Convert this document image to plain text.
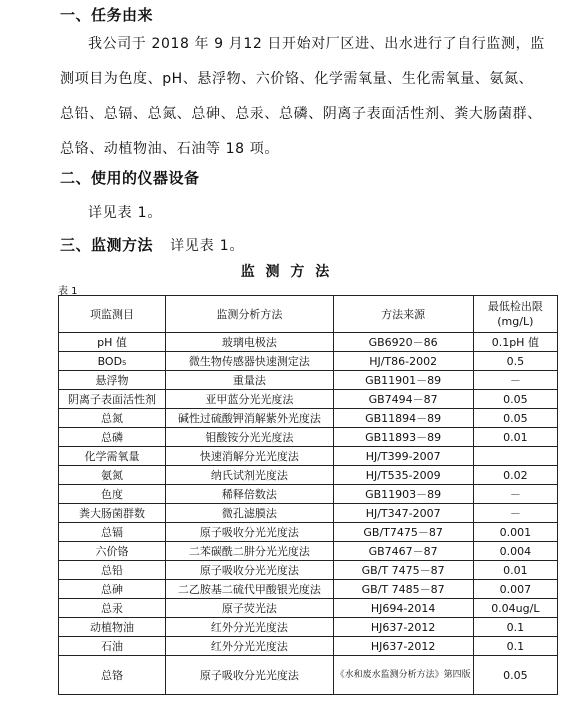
一、任务由来
我公司于 2018 年 9 月12 日开始对厂区进、出水进行了自行监测，监
测项目为色度、pH、悬浮物、六价铬、化学需氧量、生化需氧量、氨氮、
总铅、总镉、总氮、总砷、总汞、总磷、阴离子表面活性剂、粪大肠菌群、
总铬、动植物油、石油等 18 项。
二、使用的仪器设备
详见表 1。
三、监测方法 详见表 1。
监 测 方 法
表 1
项监测目	监测分析方法	方法来源	最低检出限
(mg/L)
pH 值	玻璃电极法	GB6920－86	0.1pH 值
BOD₅	微生物传感器快速测定法	HJ/T86-2002	0.5
悬浮物	重量法	GB11901－89	－
阴离子表面活性剂	亚甲蓝分光光度法	GB7494－87	0.05
总氮	碱性过硫酸钾消解紫外光度法	GB11894－89	0.05
总磷	钼酸铵分光光度法	GB11893－89	0.01
化学需氧量	快速消解分光光度法	HJ/T399-2007	
氨氮	纳氏试剂光度法	HJ/T535-2009	0.02
色度	稀释倍数法	GB11903－89	－
粪大肠菌群数	微孔滤膜法	HJ/T347-2007	－
总镉	原子吸收分光光度法	GB/T7475－87	0.001
六价铬	二苯碳酰二肼分光光度法	GB7467－87	0.004
总铅	原子吸收分光光度法	GB/T 7475－87	0.01
总砷	二乙胺基二硫代甲酸银光度法	GB/T 7485－87	0.007
总汞	原子荧光法	HJ694-2014	0.04ug/L
动植物油	红外分光光度法	HJ637-2012	0.1
石油	红外分光光度法	HJ637-2012	0.1
总铬	原子吸收分光光度法	《水和废水监测分析方法》第四版	0.05
